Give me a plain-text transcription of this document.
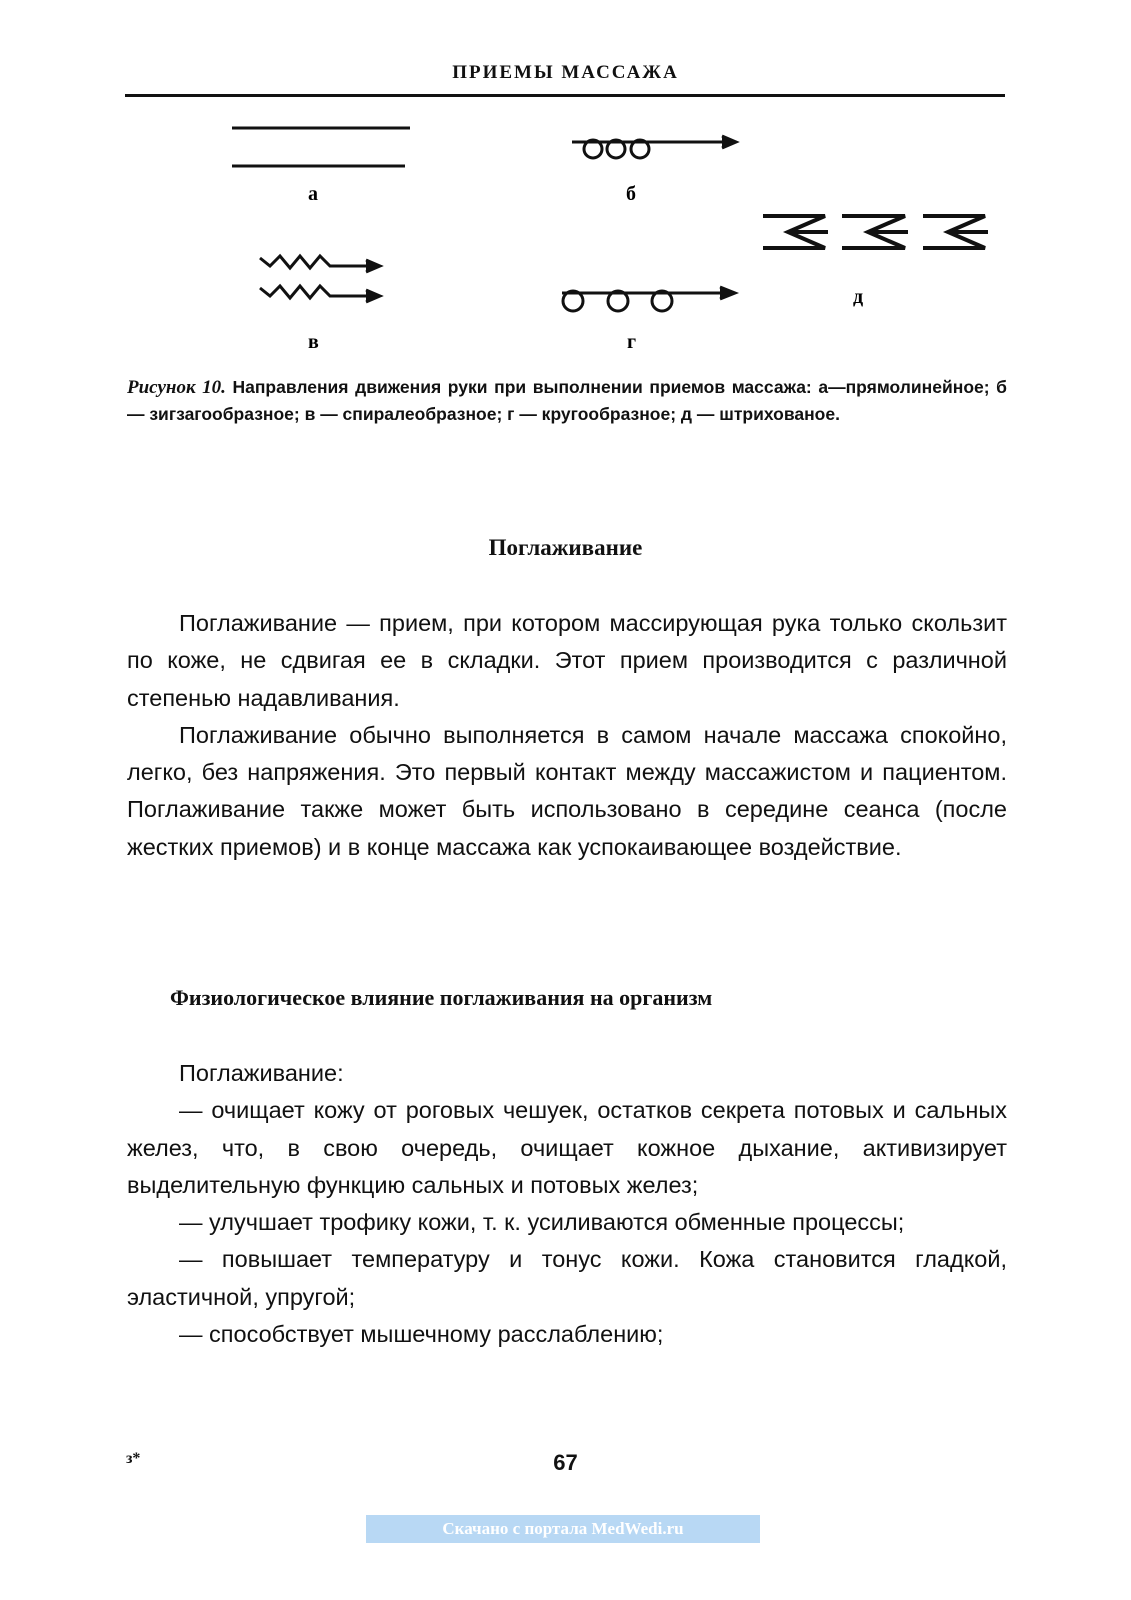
ПРИЕМЫ МАССАЖА
а	б
в	г
д
Рисунок 10. Направления движения руки при выполнении приемов массажа: а—прямолинейное; б — зигзагообразное; в — спиралеобразное; г — кругообразное; д — штрихованое.
Поглаживание

Поглаживание — прием, при котором массирующая рука только скользит по коже, не сдвигая ее в складки. Этот прием производится с различной степенью надавливания.

Поглаживание обычно выполняется в самом начале массажа спокойно, легко, без напряжения. Это первый контакт между массажистом и пациентом. Поглаживание также может быть использовано в середине сеанса (после жестких приемов) и в конце массажа как успокаивающее воздействие.

Физиологическое влияние поглаживания на организм

Поглаживание:

— очищает кожу от роговых чешуек, остатков секрета потовых и сальных желез, что, в свою очередь, очищает кожное дыхание, активизирует выделительную функцию сальных и потовых желез;

— улучшает трофику кожи, т. к. усиливаются обменные процессы;

— повышает температуру и тонус кожи. Кожа становится гладкой, эластичной, упругой;

— способствует мышечному расслаблению;

з*	67
Скачано с портала MedWedi.ru
